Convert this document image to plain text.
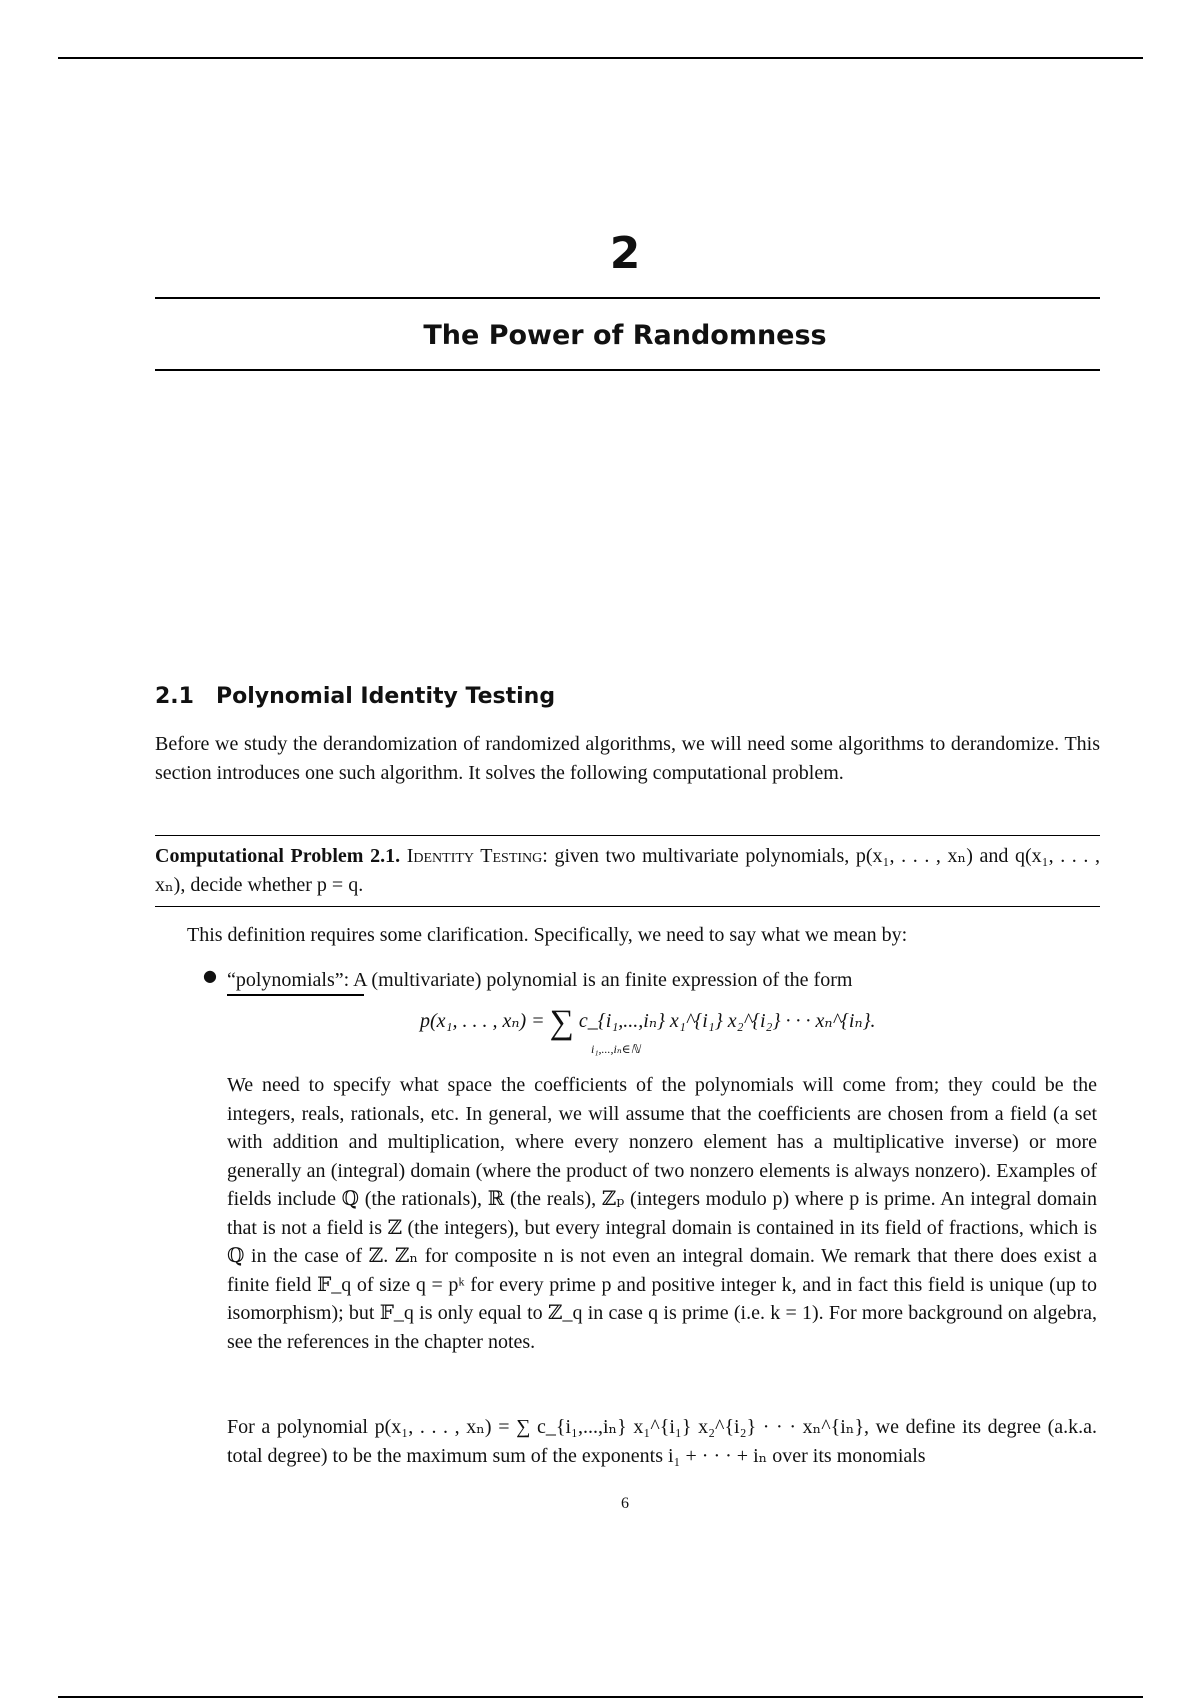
2
The Power of Randomness
2.1 Polynomial Identity Testing
Before we study the derandomization of randomized algorithms, we will need some algorithms to derandomize. This section introduces one such algorithm. It solves the following computational problem.
Computational Problem 2.1. Identity Testing: given two multivariate polynomials, p(x₁, . . . , xₙ) and q(x₁, . . . , xₙ), decide whether p = q.
This definition requires some clarification. Specifically, we need to say what we mean by:
● “polynomials”: A (multivariate) polynomial is an finite expression of the form
p(x₁, . . . , xₙ) = ∑ c_{i₁,...,iₙ} x₁^{i₁} x₂^{i₂} · · · xₙ^{iₙ}.
i₁,...,iₙ∈ℕ
We need to specify what space the coefficients of the polynomials will come from; they could be the integers, reals, rationals, etc. In general, we will assume that the coefficients are chosen from a field (a set with addition and multiplication, where every nonzero element has a multiplicative inverse) or more generally an (integral) domain (where the product of two nonzero elements is always nonzero). Examples of fields include ℚ (the rationals), ℝ (the reals), ℤₚ (integers modulo p) where p is prime. An integral domain that is not a field is ℤ (the integers), but every integral domain is contained in its field of fractions, which is ℚ in the case of ℤ. ℤₙ for composite n is not even an integral domain. We remark that there does exist a finite field 𝔽_q of size q = pᵏ for every prime p and positive integer k, and in fact this field is unique (up to isomorphism); but 𝔽_q is only equal to ℤ_q in case q is prime (i.e. k = 1). For more background on algebra, see the references in the chapter notes.
For a polynomial p(x₁, . . . , xₙ) = ∑ c_{i₁,...,iₙ} x₁^{i₁} x₂^{i₂} · · · xₙ^{iₙ}, we define its degree (a.k.a. total degree) to be the maximum sum of the exponents i₁ + · · · + iₙ over its monomials
6
